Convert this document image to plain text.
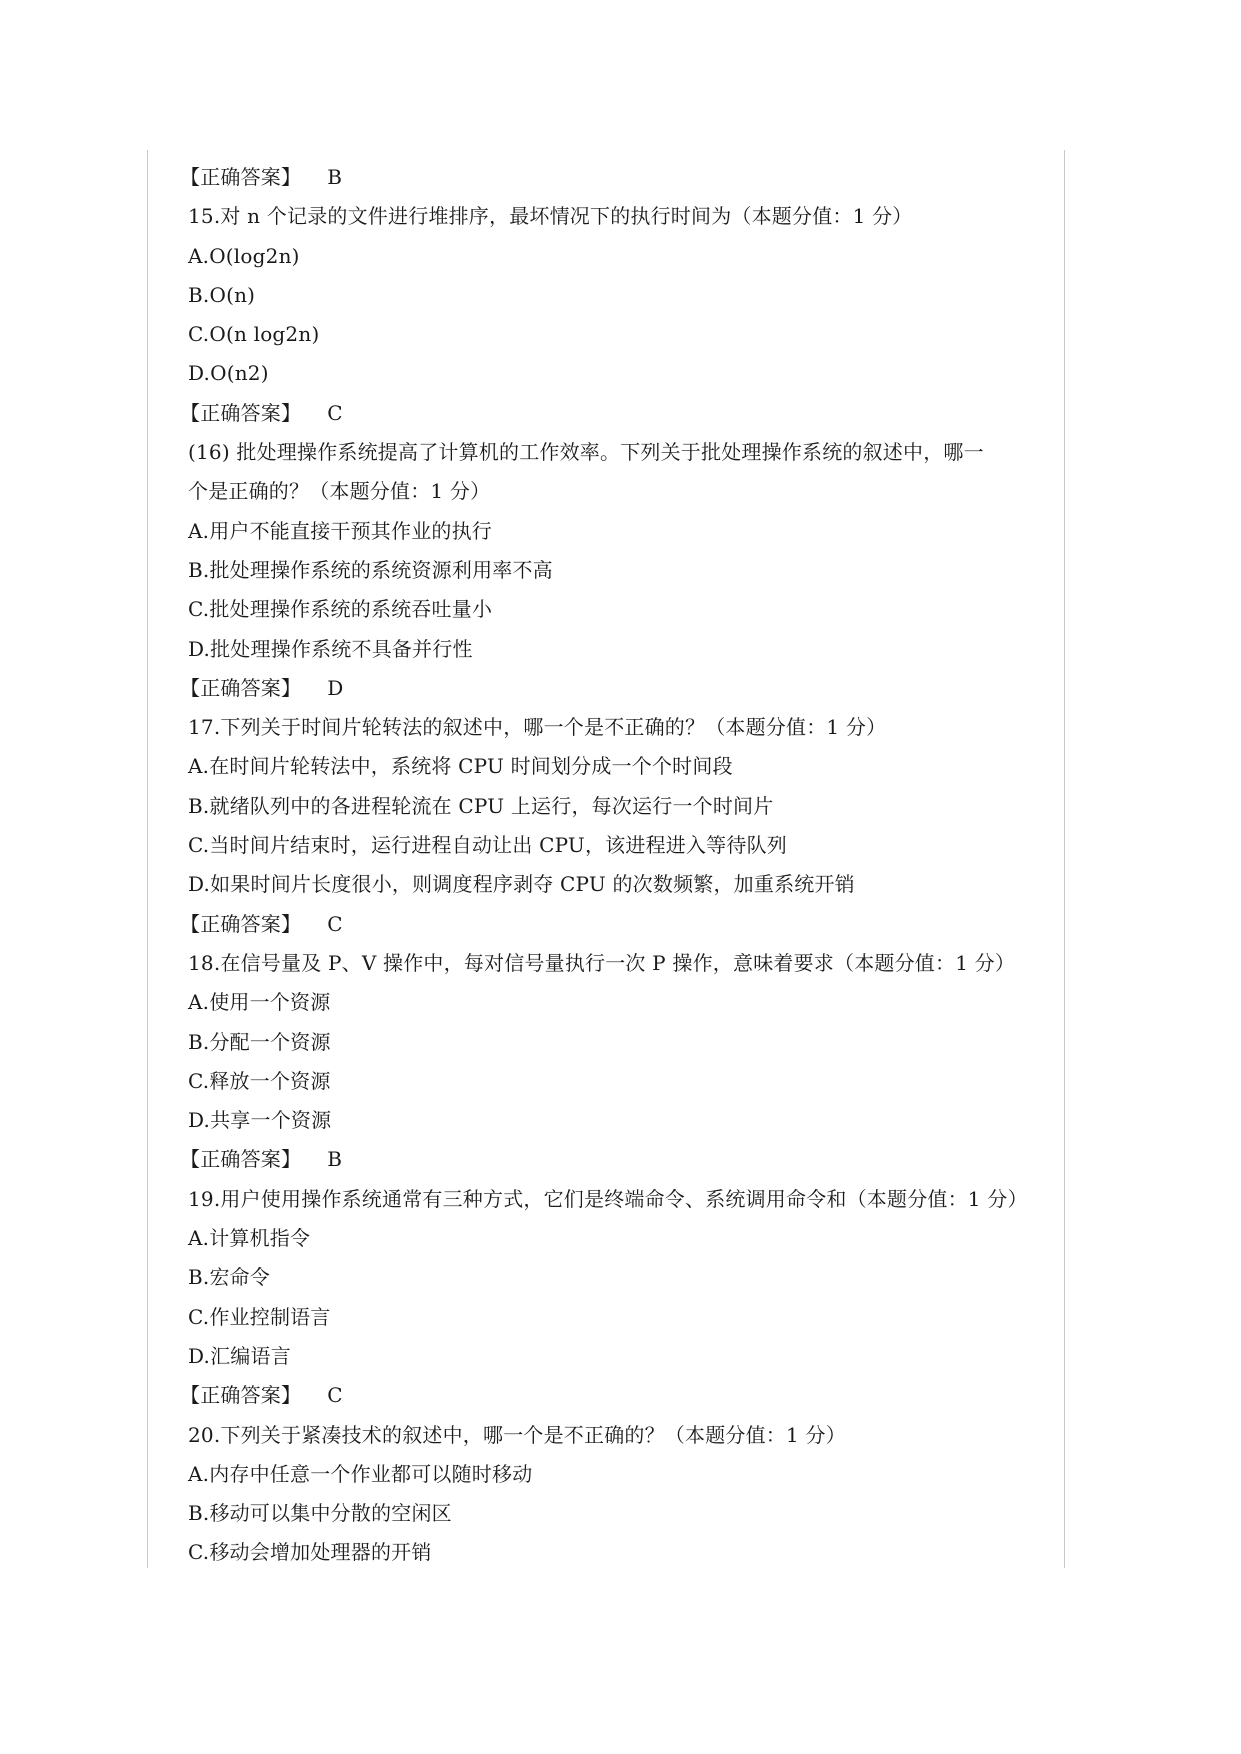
【正确答案】 B
15.对 n 个记录的文件进行堆排序，最坏情况下的执行时间为（本题分值：1 分）
A.O(log2n)
B.O(n)
C.O(n log2n)
D.O(n2)
【正确答案】 C
(16) 批处理操作系统提高了计算机的工作效率。下列关于批处理操作系统的叙述中，哪一
个是正确的？（本题分值：1 分）
A.用户不能直接干预其作业的执行
B.批处理操作系统的系统资源利用率不高
C.批处理操作系统的系统吞吐量小
D.批处理操作系统不具备并行性
【正确答案】 D
17.下列关于时间片轮转法的叙述中，哪一个是不正确的？（本题分值：1 分）
A.在时间片轮转法中，系统将 CPU 时间划分成一个个时间段
B.就绪队列中的各进程轮流在 CPU 上运行，每次运行一个时间片
C.当时间片结束时，运行进程自动让出 CPU，该进程进入等待队列
D.如果时间片长度很小，则调度程序剥夺 CPU 的次数频繁，加重系统开销
【正确答案】 C
18.在信号量及 P、V 操作中，每对信号量执行一次 P 操作，意味着要求（本题分值：1 分）
A.使用一个资源
B.分配一个资源
C.释放一个资源
D.共享一个资源
【正确答案】 B
19.用户使用操作系统通常有三种方式，它们是终端命令、系统调用命令和（本题分值：1 分）
A.计算机指令
B.宏命令
C.作业控制语言
D.汇编语言
【正确答案】 C
20.下列关于紧凑技术的叙述中，哪一个是不正确的？（本题分值：1 分）
A.内存中任意一个作业都可以随时移动
B.移动可以集中分散的空闲区
C.移动会增加处理器的开销
